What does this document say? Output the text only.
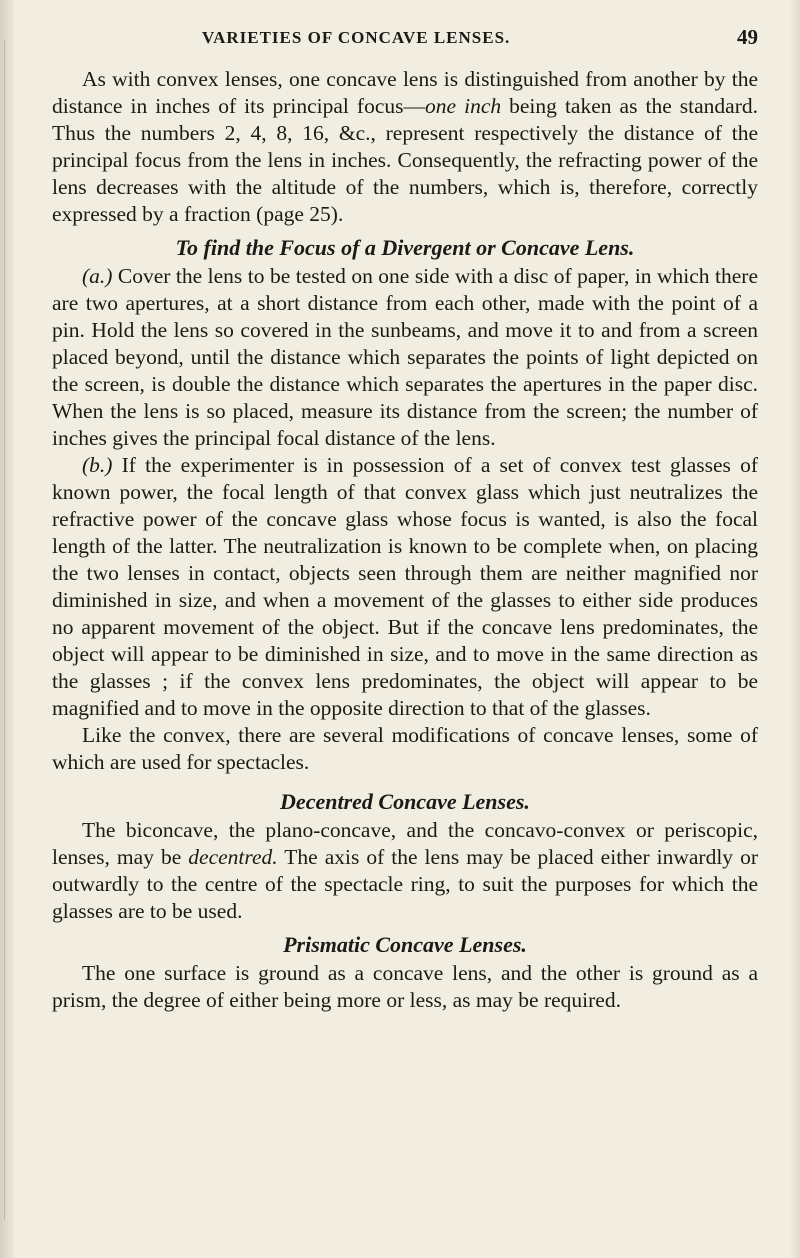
VARIETIES OF CONCAVE LENSES.	49

As with convex lenses, one concave lens is distinguished from another by the distance in inches of its principal focus—one inch being taken as the standard. Thus the numbers 2, 4, 8, 16, &c., represent respectively the distance of the principal focus from the lens in inches. Consequently, the refracting power of the lens decreases with the altitude of the numbers, which is, therefore, correctly expressed by a fraction (page 25).

To find the Focus of a Divergent or Concave Lens.

(a.) Cover the lens to be tested on one side with a disc of paper, in which there are two apertures, at a short distance from each other, made with the point of a pin. Hold the lens so covered in the sunbeams, and move it to and from a screen placed beyond, until the distance which separates the points of light depicted on the screen, is double the distance which separates the apertures in the paper disc. When the lens is so placed, measure its distance from the screen; the number of inches gives the principal focal distance of the lens.

(b.) If the experimenter is in possession of a set of convex test glasses of known power, the focal length of that convex glass which just neutralizes the refractive power of the concave glass whose focus is wanted, is also the focal length of the latter. The neutralization is known to be complete when, on placing the two lenses in contact, objects seen through them are neither magnified nor diminished in size, and when a movement of the glasses to either side produces no apparent movement of the object. But if the concave lens predominates, the object will appear to be diminished in size, and to move in the same direction as the glasses ; if the convex lens predominates, the object will appear to be magnified and to move in the opposite direction to that of the glasses.

Like the convex, there are several modifications of concave lenses, some of which are used for spectacles.

Decentred Concave Lenses.

The biconcave, the plano-concave, and the concavo-convex or periscopic, lenses, may be decentred. The axis of the lens may be placed either inwardly or outwardly to the centre of the spectacle ring, to suit the purposes for which the glasses are to be used.

Prismatic Concave Lenses.

The one surface is ground as a concave lens, and the other is ground as a prism, the degree of either being more or less, as may be required.
